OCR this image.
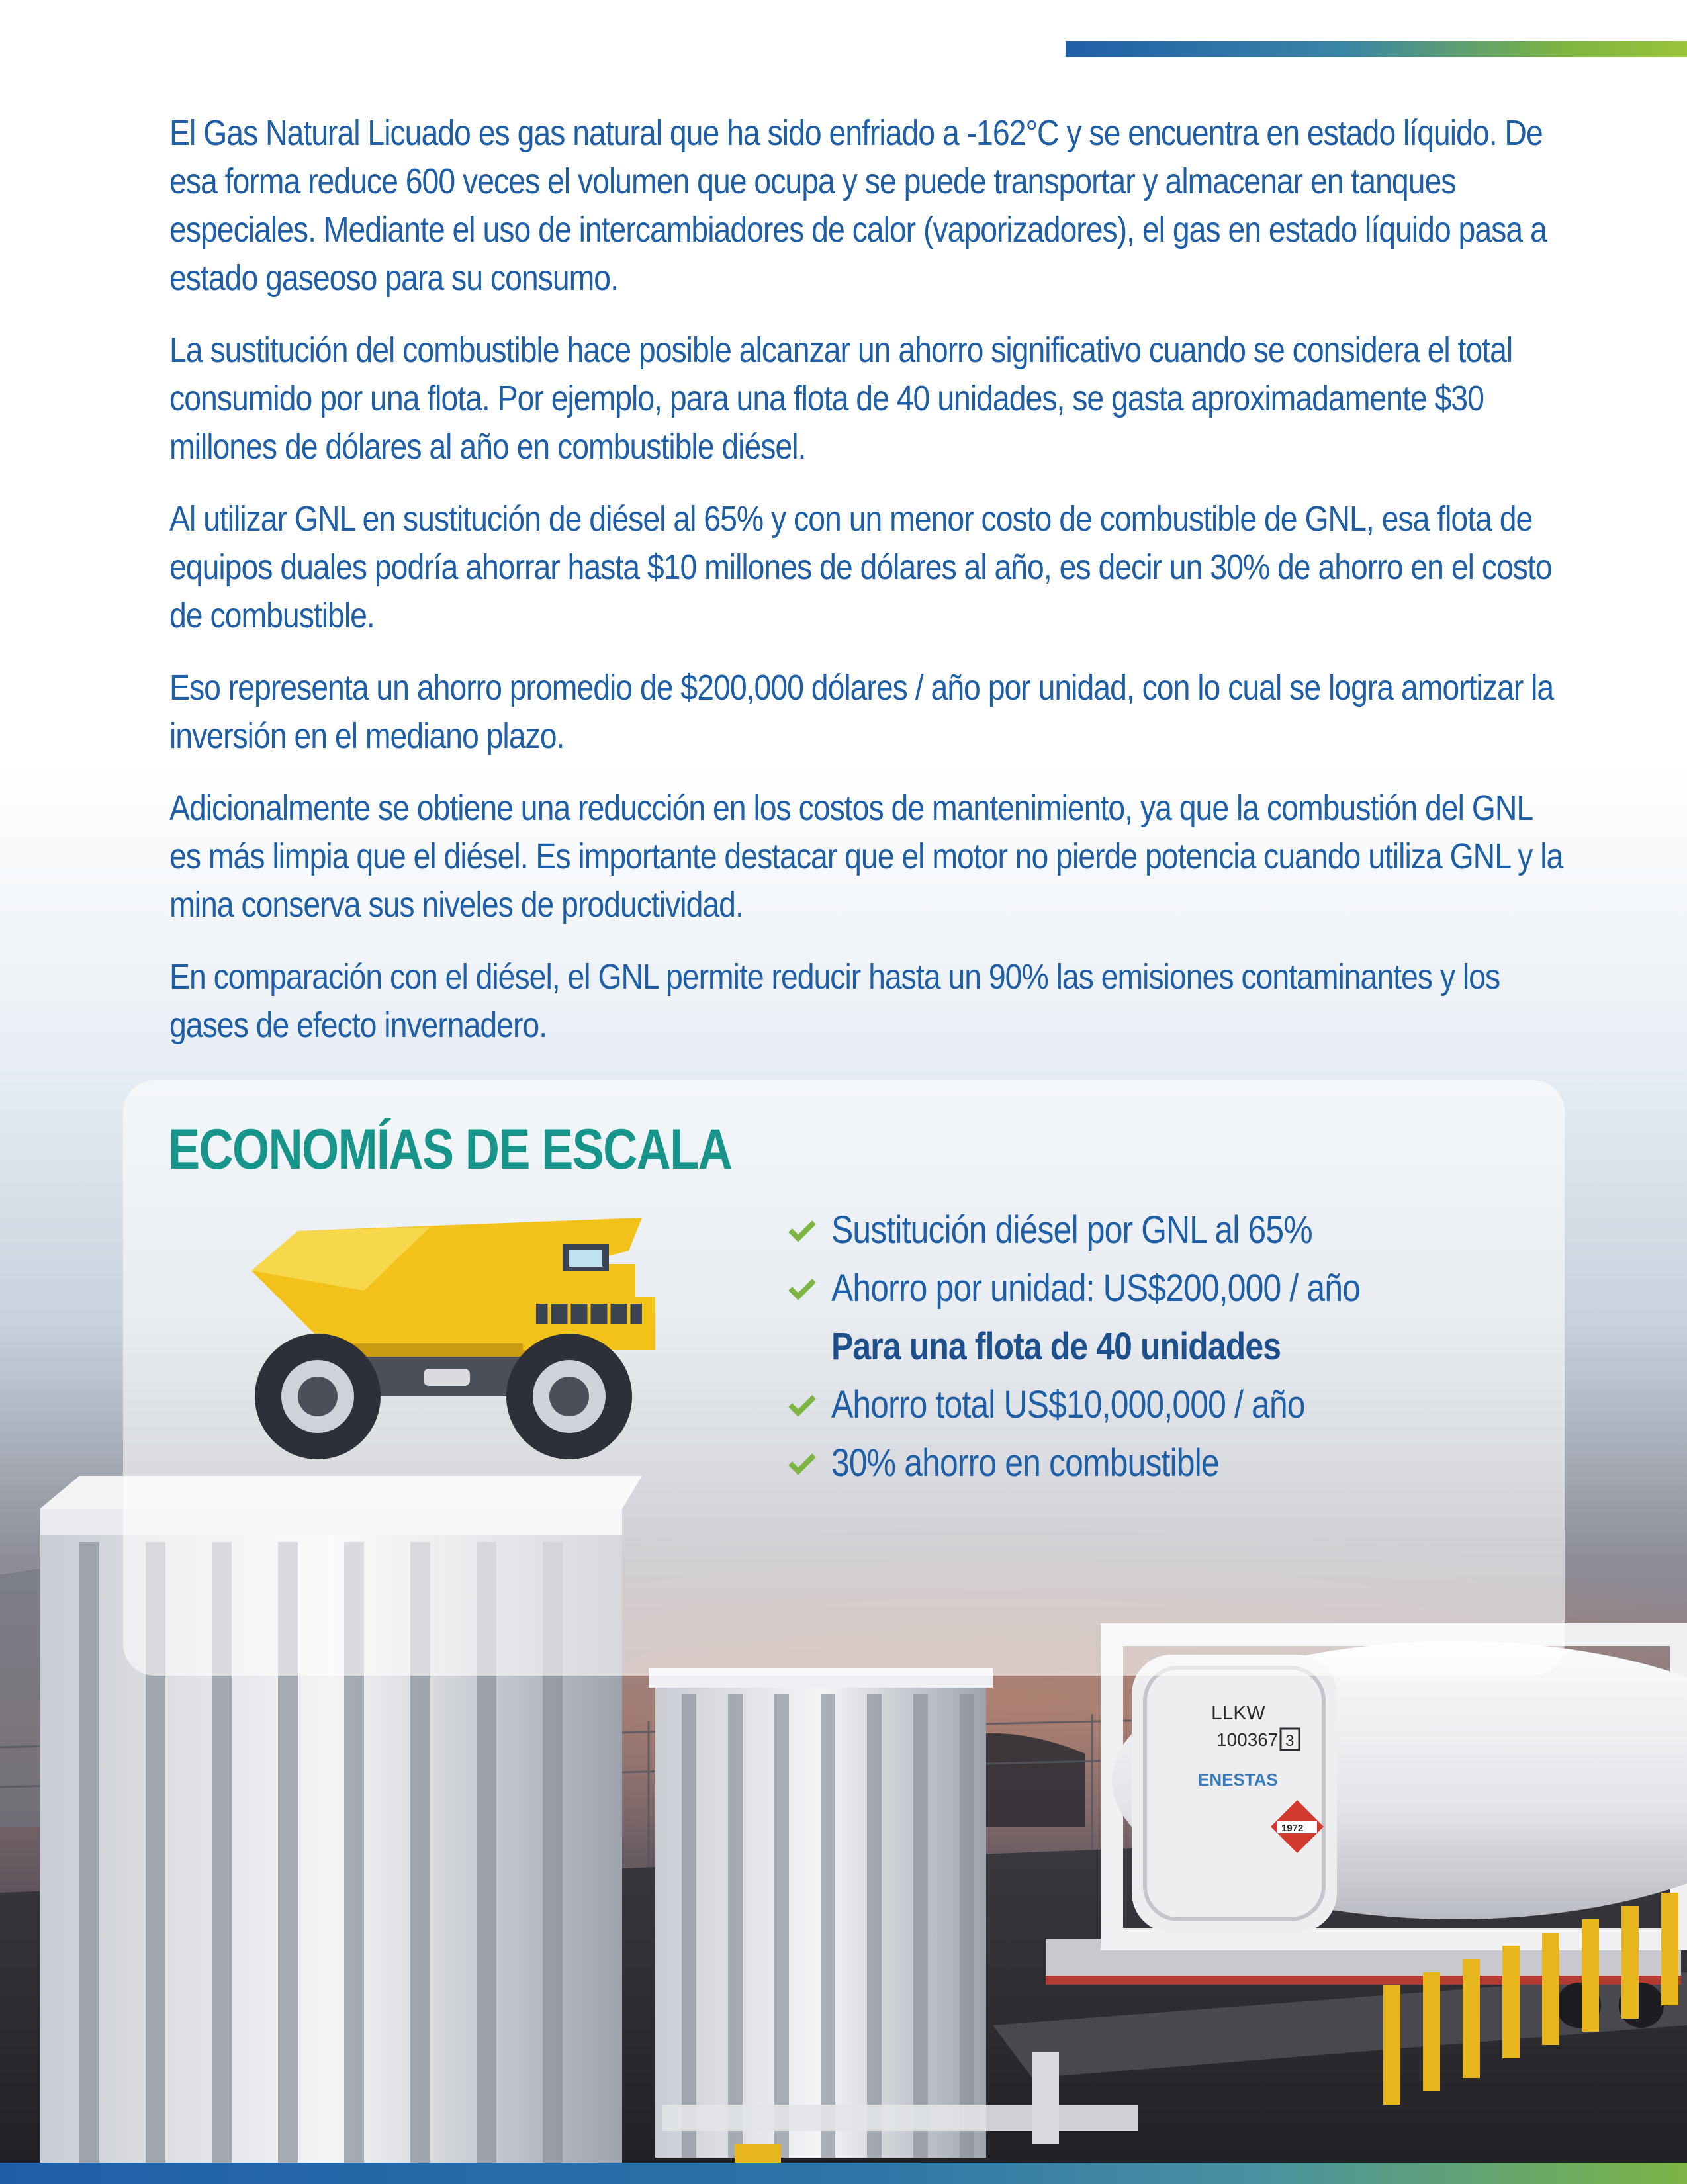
LLKW
100367 3
ENESTAS
1972

El Gas Natural Licuado es gas natural que ha sido enfriado a -162°C y se encuentra en estado líquido. De esa forma reduce 600 veces el volumen que ocupa y se puede transportar y almacenar en tanques especiales. Mediante el uso de intercambiadores de calor (vaporizadores), el gas en estado líquido pasa a estado gaseoso para su consumo.

La sustitución del combustible hace posible alcanzar un ahorro significativo cuando se considera el total consumido por una flota. Por ejemplo, para una flota de 40 unidades, se gasta aproximadamente $30 millones de dólares al año en combustible diésel.

Al utilizar GNL en sustitución de diésel al 65% y con un menor costo de combustible de GNL, esa flota de equipos duales podría ahorrar hasta $10 millones de dólares al año, es decir un 30% de ahorro en el costo de combustible.

Eso representa un ahorro promedio de $200,000 dólares / año por unidad, con lo cual se logra amortizar la inversión en el mediano plazo.

Adicionalmente se obtiene una reducción en los costos de mantenimiento, ya que la combustión del GNL es más limpia que el diésel. Es importante destacar que el motor no pierde potencia cuando utiliza GNL y la mina conserva sus niveles de productividad.

En comparación con el diésel, el GNL permite reducir hasta un 90% las emisiones contaminantes y los gases de efecto invernadero.

ECONOMÍAS DE ESCALA
Sustitución diésel por GNL al 65%
Ahorro por unidad: US$200,000 / año
Para una flota de 40 unidades
Ahorro total US$10,000,000 / año
30% ahorro en combustible
